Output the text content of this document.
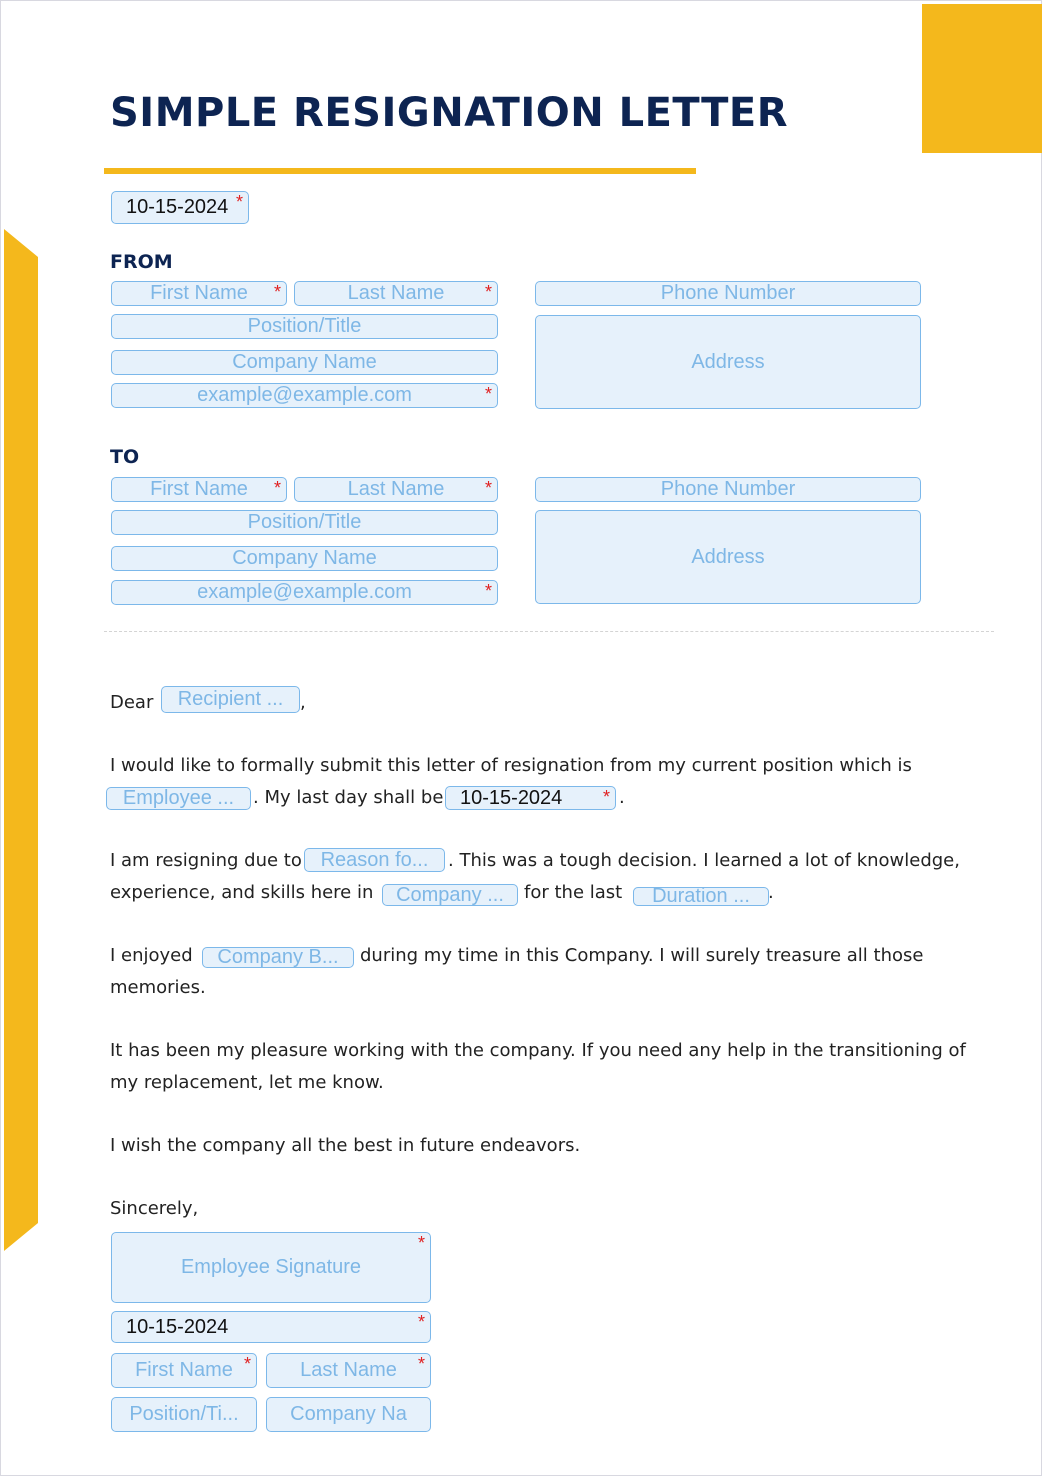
SIMPLE RESIGNATION LETTER
10-15-2024 *
FROM
First Name *	Last Name *	Phone Number
Position/Title
Company Name
example@example.com	*
Address
TO
First Name *	Last Name *	Phone Number
Position/Title
Company Name
example@example.com	*
Address
Dear Recipient ... ,
I would like to formally submit this letter of resignation from my current position which is
Employee ... . My last day shall be 10-15-2024 * .
I am resigning due to Reason fo... . This was a tough decision. I learned a lot of knowledge,
experience, and skills here in Company ... for the last Duration ... .
I enjoyed Company B... during my time in this Company. I will surely treasure all those
memories.
It has been my pleasure working with the company. If you need any help in the transitioning of
my replacement, let me know.
I wish the company all the best in future endeavors.
Sincerely,
Employee Signature
*
10-15-2024	*
First Name * Last Name *
Position/Ti...	Company Na
